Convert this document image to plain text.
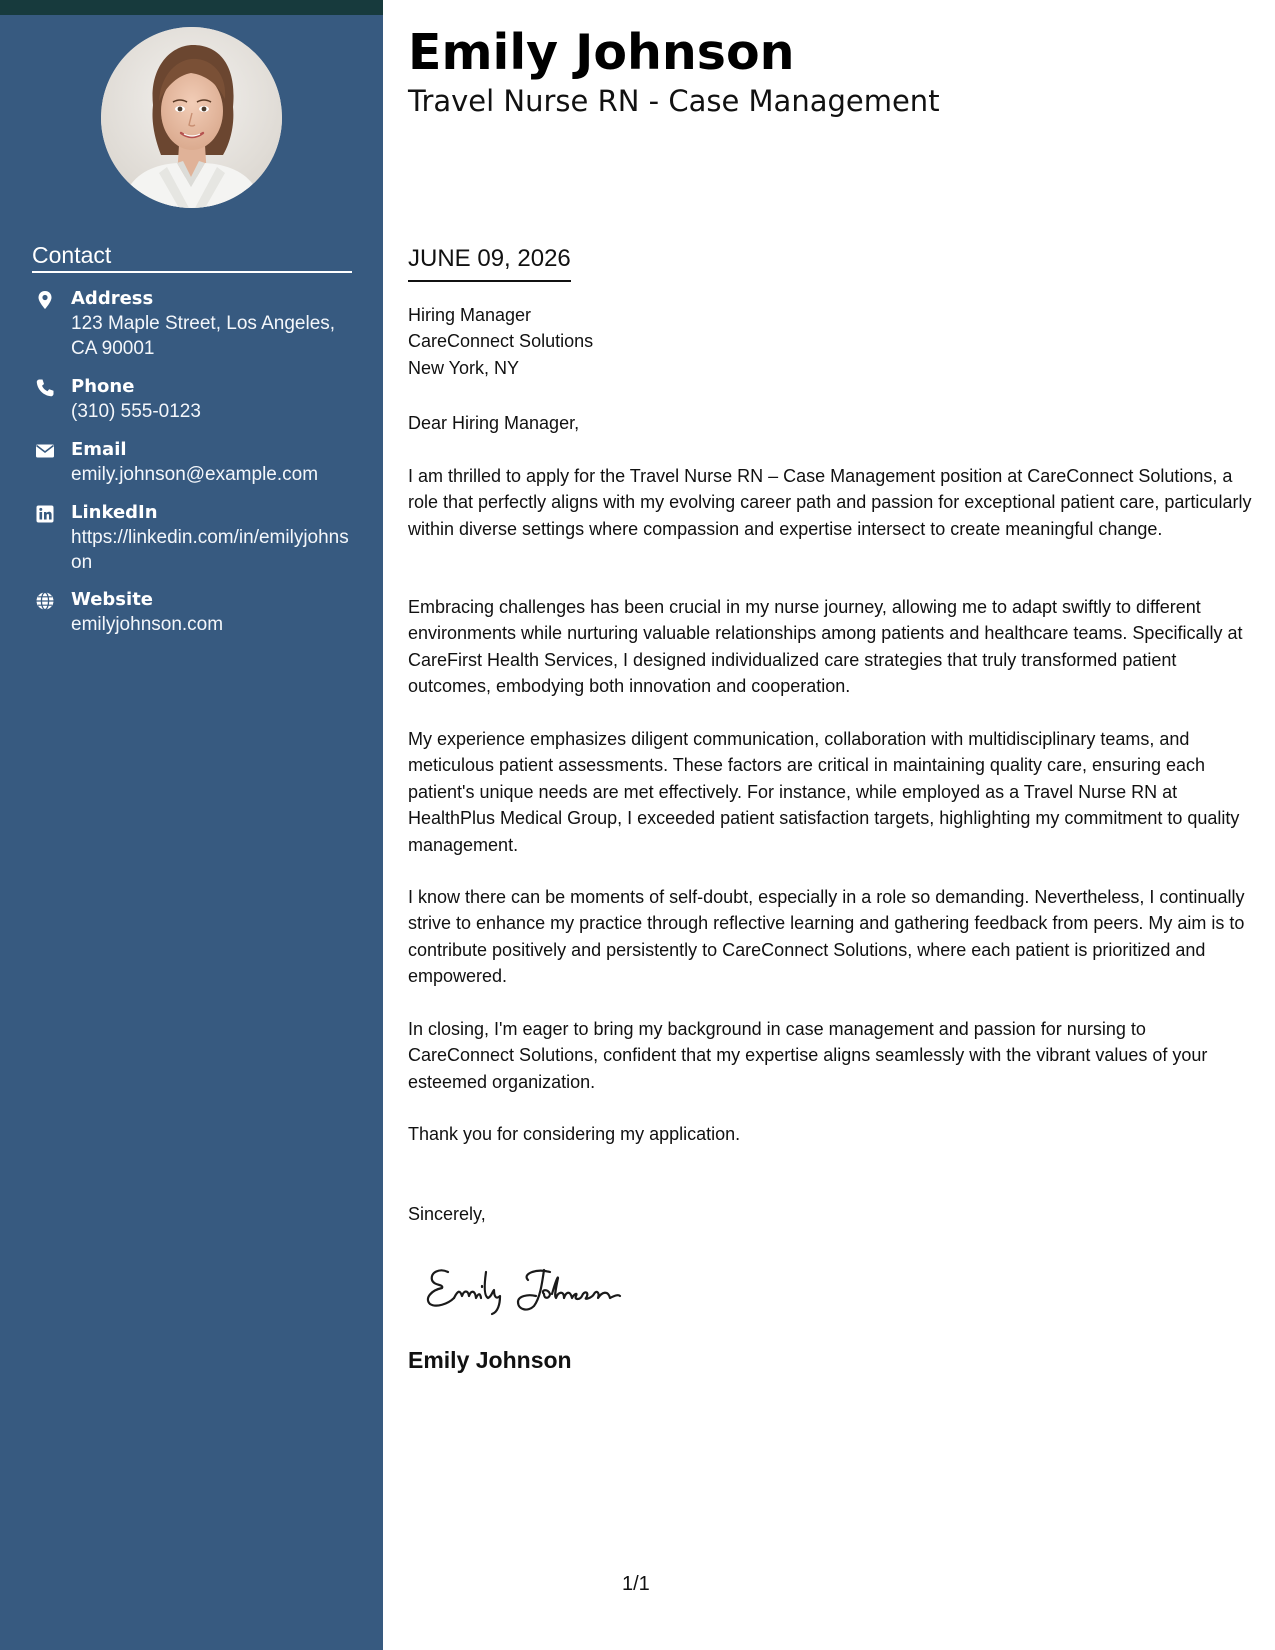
Contact
Address
123 Maple Street, Los Angeles, CA 90001
Phone
(310) 555-0123
Email
emily.johnson@example.com
LinkedIn
https://linkedin.com/in/emilyjohnson
Website
emilyjohnson.com
Emily Johnson
Travel Nurse RN - Case Management
JUNE 09, 2026
Hiring Manager
CareConnect Solutions
New York, NY

Dear Hiring Manager,

I am thrilled to apply for the Travel Nurse RN – Case Management position at CareConnect Solutions, a role that perfectly aligns with my evolving career path and passion for exceptional patient care, particularly within diverse settings where compassion and expertise intersect to create meaningful change.

Embracing challenges has been crucial in my nurse journey, allowing me to adapt swiftly to different environments while nurturing valuable relationships among patients and healthcare teams. Specifically at CareFirst Health Services, I designed individualized care strategies that truly transformed patient outcomes, embodying both innovation and cooperation.

My experience emphasizes diligent communication, collaboration with multidisciplinary teams, and meticulous patient assessments. These factors are critical in maintaining quality care, ensuring each patient's unique needs are met effectively. For instance, while employed as a Travel Nurse RN at HealthPlus Medical Group, I exceeded patient satisfaction targets, highlighting my commitment to quality management.

I know there can be moments of self-doubt, especially in a role so demanding. Nevertheless, I continually strive to enhance my practice through reflective learning and gathering feedback from peers. My aim is to contribute positively and persistently to CareConnect Solutions, where each patient is prioritized and empowered.

In closing, I'm eager to bring my background in case management and passion for nursing to CareConnect Solutions, confident that my expertise aligns seamlessly with the vibrant values of your esteemed organization.

Thank you for considering my application.

Sincerely,

Emily Johnson
1/1
